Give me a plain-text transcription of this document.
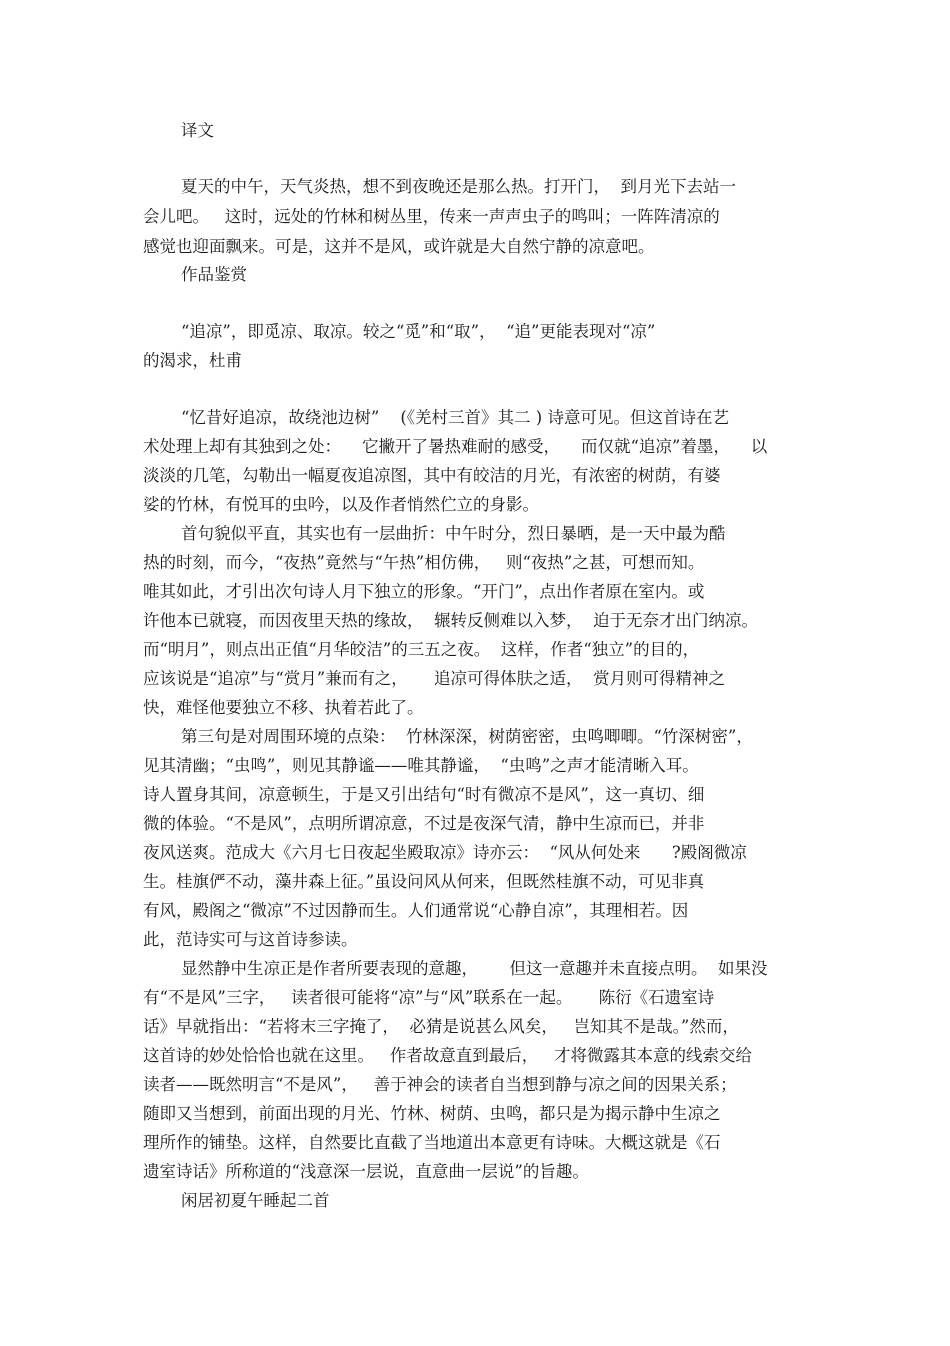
译文
夏天的中午，天气炎热，想不到夜晚还是那么热。打开门，  到月光下去站一
会儿吧。   这时，远处的竹林和树丛里，传来一声声虫子的鸣叫；一阵阵清凉的
感觉也迎面飘来。可是，这并不是风，或许就是大自然宁静的凉意吧。
作品鉴赏
“追凉”，即觅凉、取凉。较之“觅”和“取”，  “追”更能表现对“凉”
的渴求，杜甫
“忆昔好追凉，故绕池边树”    (《羌村三首》其二 ) 诗意可见。但这首诗在艺
术处理上却有其独到之处：    它撇开了暑热难耐的感受，    而仅就“追凉”着墨，    以
淡淡的几笔，勾勒出一幅夏夜追凉图，其中有皎洁的月光，有浓密的树荫，有婆
娑的竹林，有悦耳的虫吟，以及作者悄然伫立的身影。
首句貌似平直，其实也有一层曲折：中午时分，烈日暴晒，是一天中最为酷
热的时刻，而今，“夜热”竟然与“午热”相仿佛，   则“夜热”之甚，可想而知。
唯其如此，才引出次句诗人月下独立的形象。“开门”，点出作者原在室内。或
许他本已就寝，而因夜里天热的缘故，  辗转反侧难以入梦，  迫于无奈才出门纳凉。
而“明月”，则点出正值“月华皎洁”的三五之夜。  这样，作者“独立”的目的，
应该说是“追凉”与“赏月”兼而有之，     追凉可得体肤之适，  赏月则可得精神之
快，难怪他要独立不移、执着若此了。
第三句是对周围环境的点染：  竹林深深，树荫密密，虫鸣唧唧。“竹深树密”，
见其清幽；“虫鸣”，则见其静谧——唯其静谧，  “虫鸣”之声才能清晰入耳。
诗人置身其间，凉意顿生，于是又引出结句“时有微凉不是风”，这一真切、细
微的体验。“不是风”，点明所谓凉意，不过是夜深气清，静中生凉而已，并非
夜风送爽。范成大《六月七日夜起坐殿取凉》诗亦云：  “风从何处来      ?殿阁微凉
生。桂旗俨不动，藻井森上征。”虽设问风从何来，但既然桂旗不动，可见非真
有风，殿阁之“微凉”不过因静而生。人们通常说“心静自凉”，其理相若。因
此，范诗实可与这首诗参读。
显然静中生凉正是作者所要表现的意趣，      但这一意趣并未直接点明。  如果没
有“不是风”三字，   读者很可能将“凉”与“风”联系在一起。     陈衍《石遗室诗
话》早就指出：“若将末三字掩了，  必猜是说甚么风矣，   岂知其不是哉。”然而，
这首诗的妙处恰恰也就在这里。   作者故意直到最后，   才将微露其本意的线索交给
读者——既然明言“不是风”，   善于神会的读者自当想到静与凉之间的因果关系；
随即又当想到，前面出现的月光、竹林、树荫、虫鸣，都只是为揭示静中生凉之
理所作的铺垫。这样，自然要比直截了当地道出本意更有诗味。大概这就是《石
遗室诗话》所称道的“浅意深一层说，直意曲一层说”的旨趣。
闲居初夏午睡起二首
